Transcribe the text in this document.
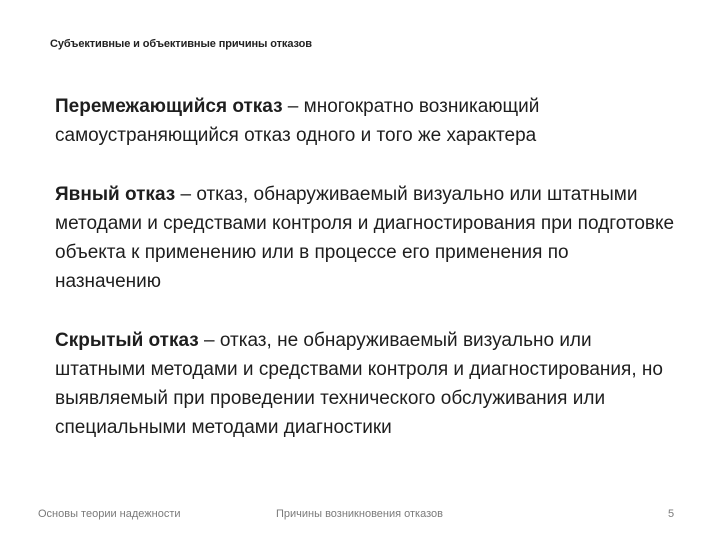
Субъективные и объективные причины отказов
Перемежающийся отказ – многократно возникающий самоустраняющийся отказ одного и того же характера
Явный отказ – отказ, обнаруживаемый визуально или штатными методами и средствами контроля и диагностирования при подготовке объекта к применению или в процессе его применения по назначению
Скрытый отказ – отказ, не обнаруживаемый визуально или штатными методами и средствами контроля и диагностирования, но выявляемый при проведении технического обслуживания или специальными методами диагностики
Основы теории надежности	Причины возникновения отказов	5
